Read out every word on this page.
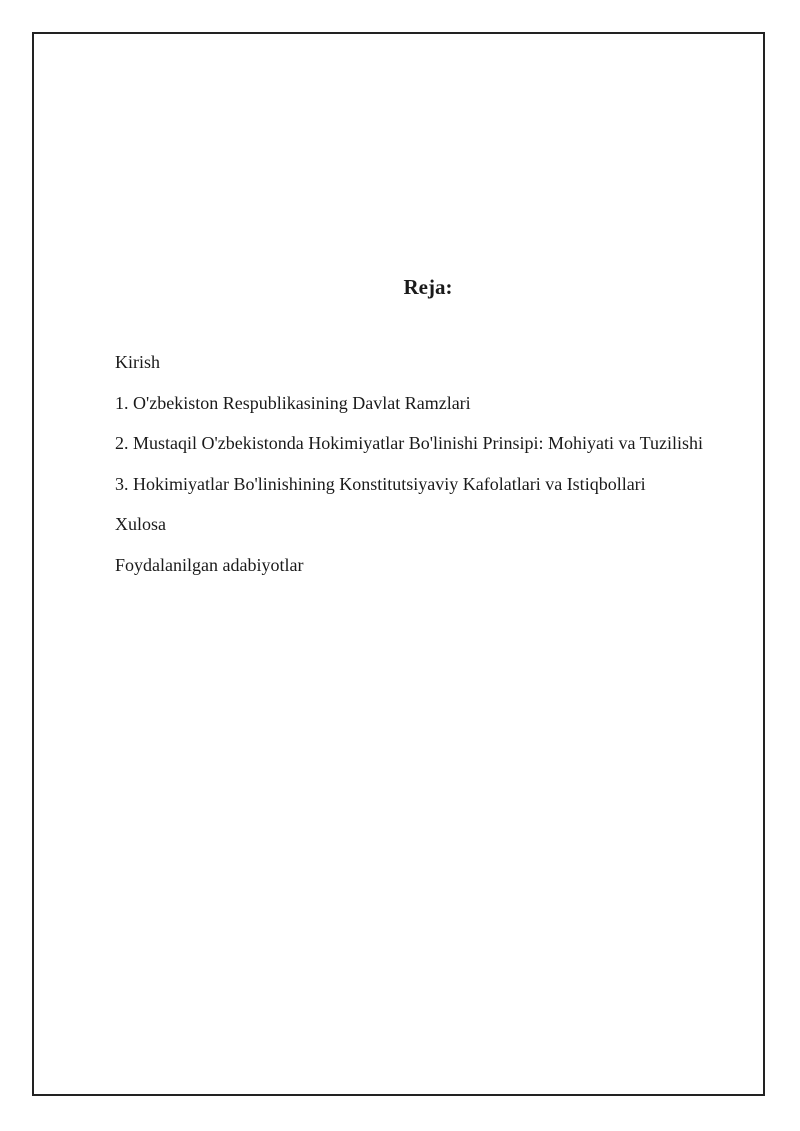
Reja:
Kirish
1. O'zbekiston Respublikasining Davlat Ramzlari
2. Mustaqil O'zbekistonda Hokimiyatlar Bo'linishi Prinsipi: Mohiyati va Tuzilishi
3. Hokimiyatlar Bo'linishining Konstitutsiyaviy Kafolatlari va Istiqbollari
Xulosa
Foydalanilgan adabiyotlar
